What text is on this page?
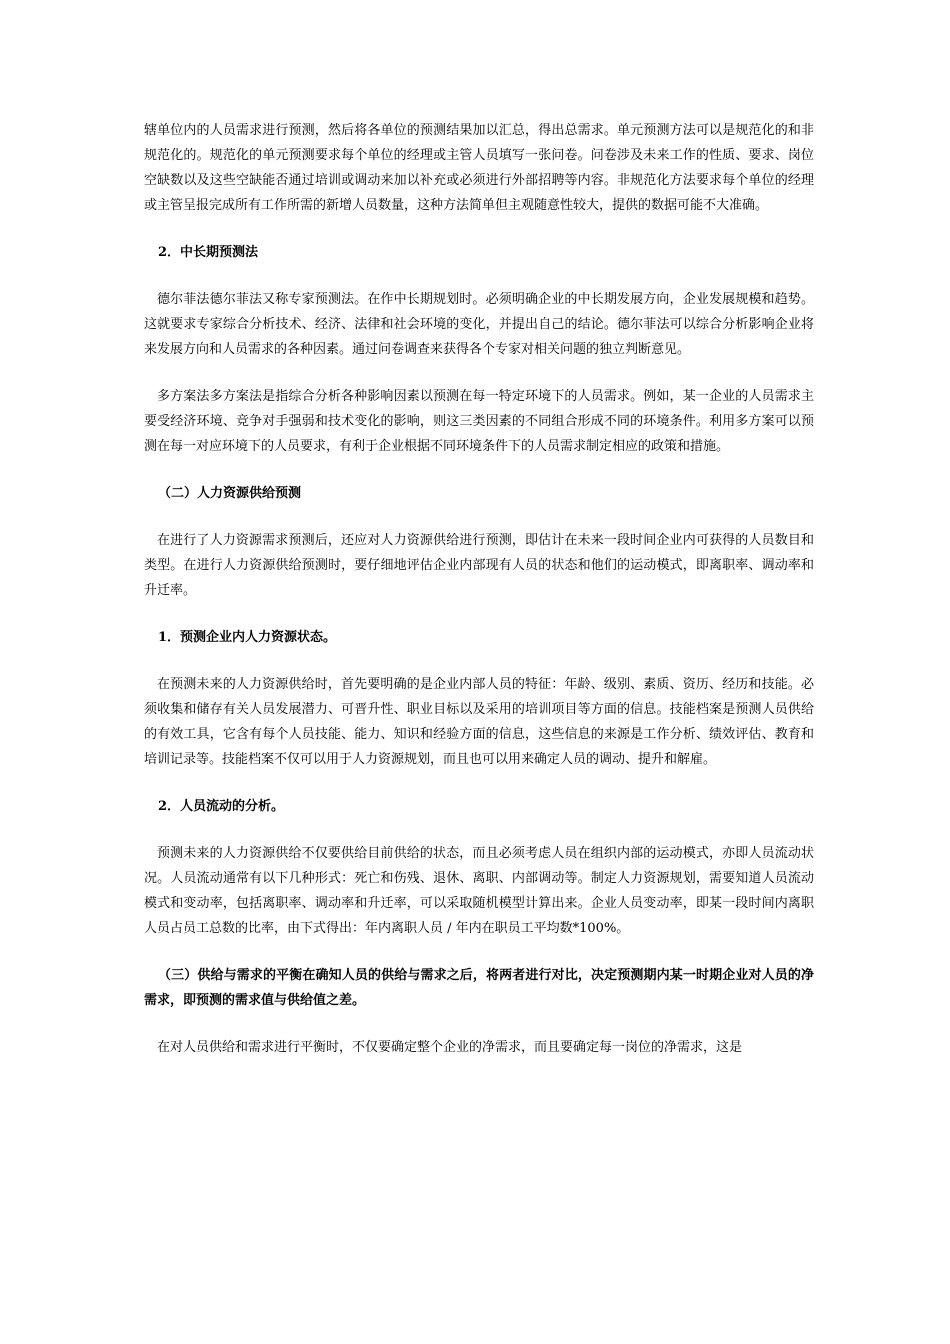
辖单位内的人员需求进行预测，然后将各单位的预测结果加以汇总，得出总需求。单元预测方法可以是规范化的和非规范化的。规范化的单元预测要求每个单位的经理或主管人员填写一张问卷。问卷涉及未来工作的性质、要求、岗位空缺数以及这些空缺能否通过培训或调动来加以补充或必须进行外部招聘等内容。非规范化方法要求每个单位的经理或主管呈报完成所有工作所需的新增人员数量，这种方法简单但主观随意性较大，提供的数据可能不大准确。

2．中长期预测法

德尔菲法德尔菲法又称专家预测法。在作中长期规划时。必须明确企业的中长期发展方向，企业发展规模和趋势。这就要求专家综合分析技术、经济、法律和社会环境的变化，并提出自己的结论。德尔菲法可以综合分析影响企业将来发展方向和人员需求的各种因素。通过问卷调查来获得各个专家对相关问题的独立判断意见。

多方案法多方案法是指综合分析各种影响因素以预测在每一特定环境下的人员需求。例如，某一企业的人员需求主要受经济环境、竞争对手强弱和技术变化的影响，则这三类因素的不同组合形成不同的环境条件。利用多方案可以预测在每一对应环境下的人员要求，有利于企业根据不同环境条件下的人员需求制定相应的政策和措施。

（二）人力资源供给预测

在进行了人力资源需求预测后，还应对人力资源供给进行预测，即估计在未来一段时间企业内可获得的人员数目和类型。在进行人力资源供给预测时，要仔细地评估企业内部现有人员的状态和他们的运动模式，即离职率、调动率和升迁率。

1．预测企业内人力资源状态。

在预测未来的人力资源供给时，首先要明确的是企业内部人员的特征：年龄、级别、素质、资历、经历和技能。必须收集和储存有关人员发展潜力、可晋升性、职业目标以及采用的培训项目等方面的信息。技能档案是预测人员供给的有效工具，它含有每个人员技能、能力、知识和经验方面的信息，这些信息的来源是工作分析、绩效评估、教育和培训记录等。技能档案不仅可以用于人力资源规划，而且也可以用来确定人员的调动、提升和解雇。

2．人员流动的分析。

预测未来的人力资源供给不仅要供给目前供给的状态，而且必须考虑人员在组织内部的运动模式，亦即人员流动状况。人员流动通常有以下几种形式：死亡和伤残、退休、离职、内部调动等。制定人力资源规划，需要知道人员流动模式和变动率，包括离职率、调动率和升迁率，可以采取随机模型计算出来。企业人员变动率，即某一段时间内离职人员占员工总数的比率，由下式得出：年内离职人员 / 年内在职员工平均数*100%。

（三）供给与需求的平衡在确知人员的供给与需求之后，将两者进行对比，决定预测期内某一时期企业对人员的净需求，即预测的需求值与供给值之差。

在对人员供给和需求进行平衡时，不仅要确定整个企业的净需求，而且要确定每一岗位的净需求，这是
